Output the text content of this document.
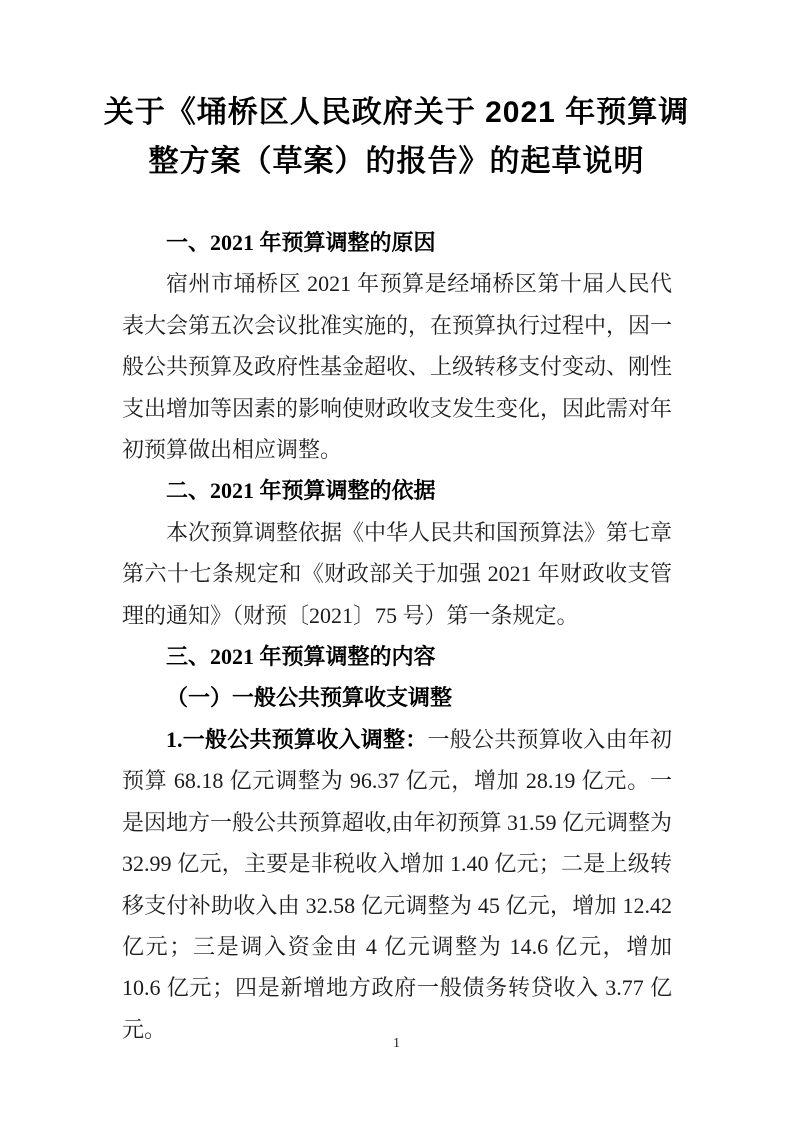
关于《埇桥区人民政府关于 2021 年预算调
整方案（草案）的报告》的起草说明

一、2021 年预算调整的原因

宿州市埇桥区 2021 年预算是经埇桥区第十届人民代表大会第五次会议批准实施的，在预算执行过程中，因一般公共预算及政府性基金超收、上级转移支付变动、刚性支出增加等因素的影响使财政收支发生变化，因此需对年初预算做出相应调整。

二、2021 年预算调整的依据

本次预算调整依据《中华人民共和国预算法》第七章第六十七条规定和《财政部关于加强 2021 年财政收支管理的通知》（财预〔2021〕75 号）第一条规定。

三、2021 年预算调整的内容

（一）一般公共预算收支调整

1.一般公共预算收入调整：一般公共预算收入由年初预算 68.18 亿元调整为 96.37 亿元，增加 28.19 亿元。一是因地方一般公共预算超收,由年初预算 31.59 亿元调整为 32.99 亿元，主要是非税收入增加 1.40 亿元；二是上级转移支付补助收入由 32.58 亿元调整为 45 亿元，增加 12.42 亿元；三是调入资金由 4 亿元调整为 14.6 亿元，增加 10.6 亿元；四是新增地方政府一般债务转贷收入 3.77 亿元。

1
